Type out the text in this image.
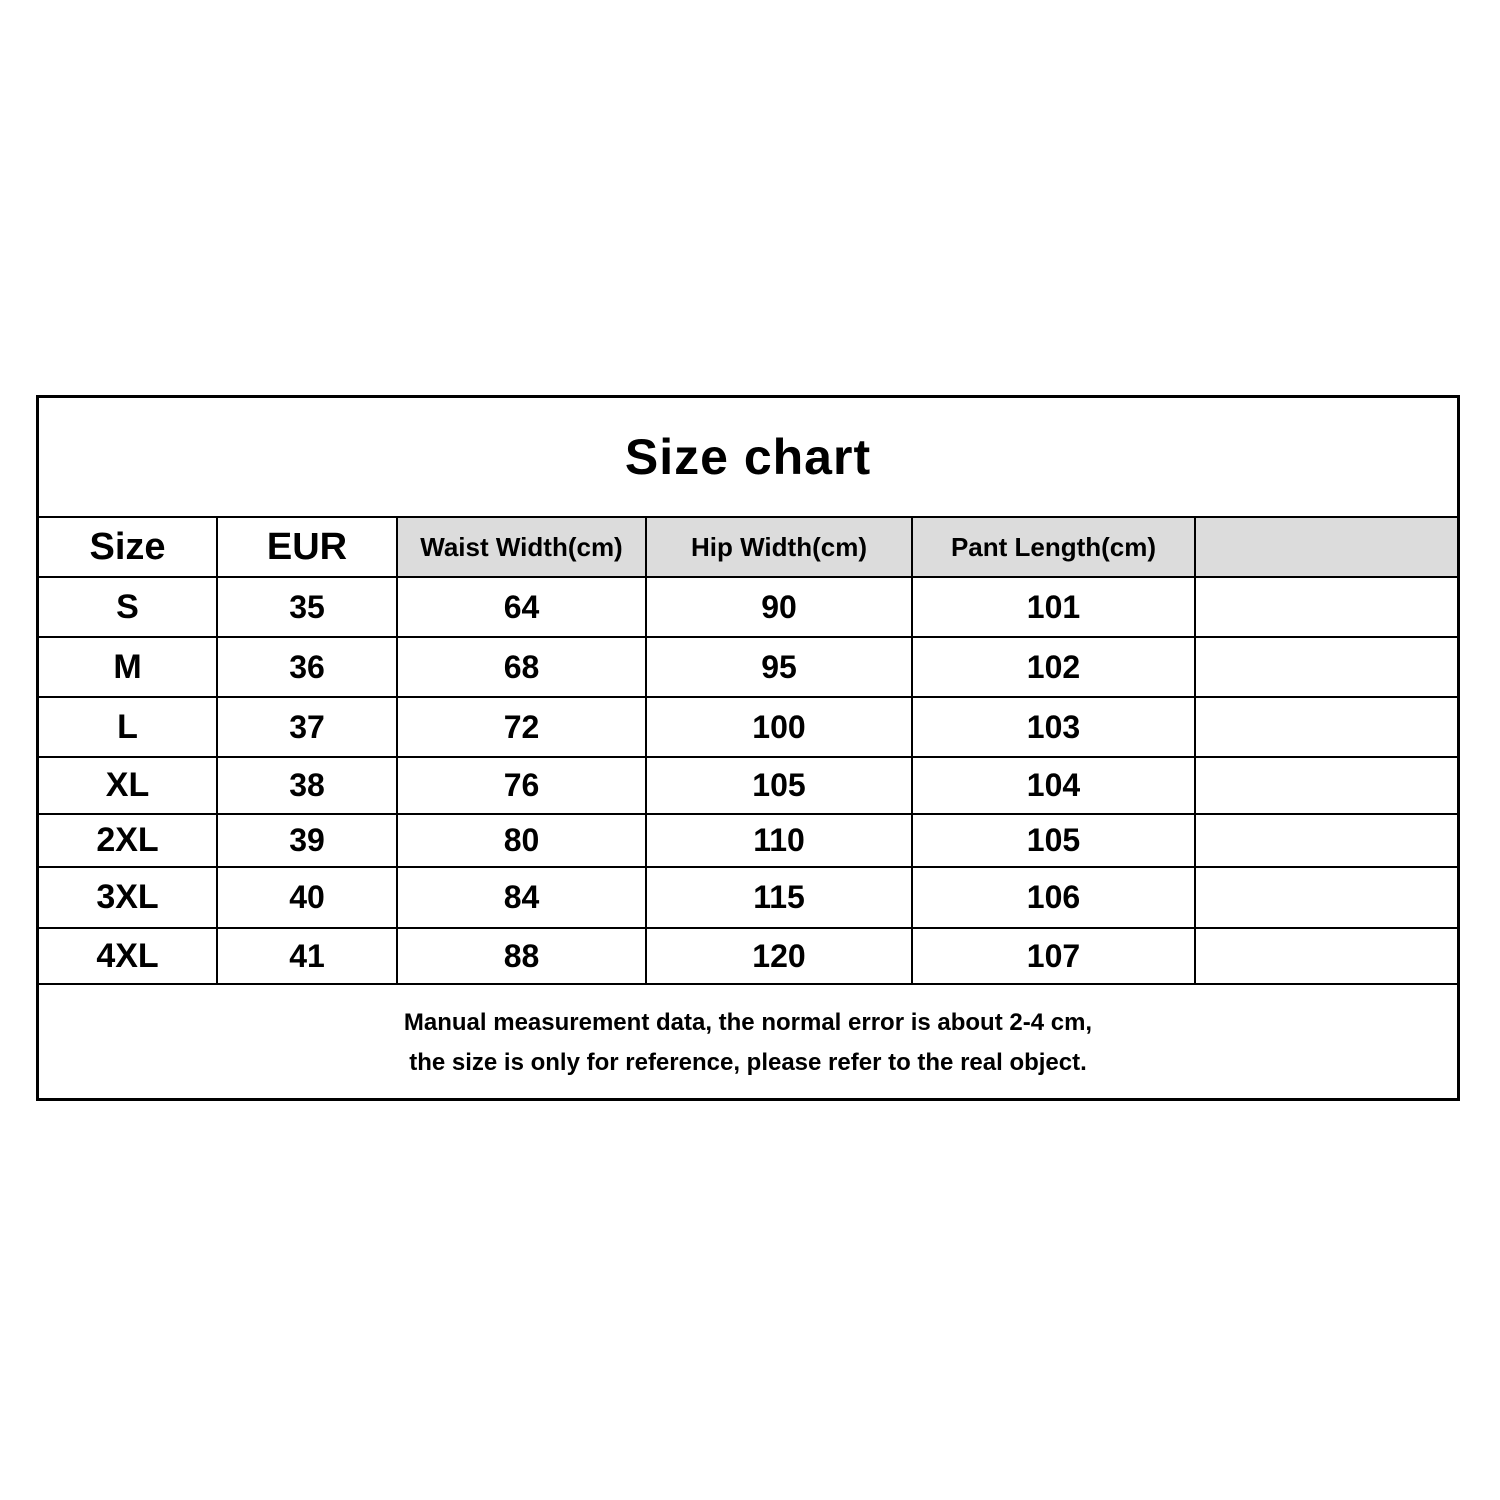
Size chart
Size	EUR	Waist Width(cm)	Hip Width(cm)	Pant Length(cm)	
S	35	64	90	101	
M	36	68	95	102	
L	37	72	100	103	
XL	38	76	105	104	
2XL	39	80	110	105	
3XL	40	84	115	106	
4XL	41	88	120	107	
Manual measurement data, the normal error is about 2-4 cm,
the size is only for reference, please refer to the real object.
